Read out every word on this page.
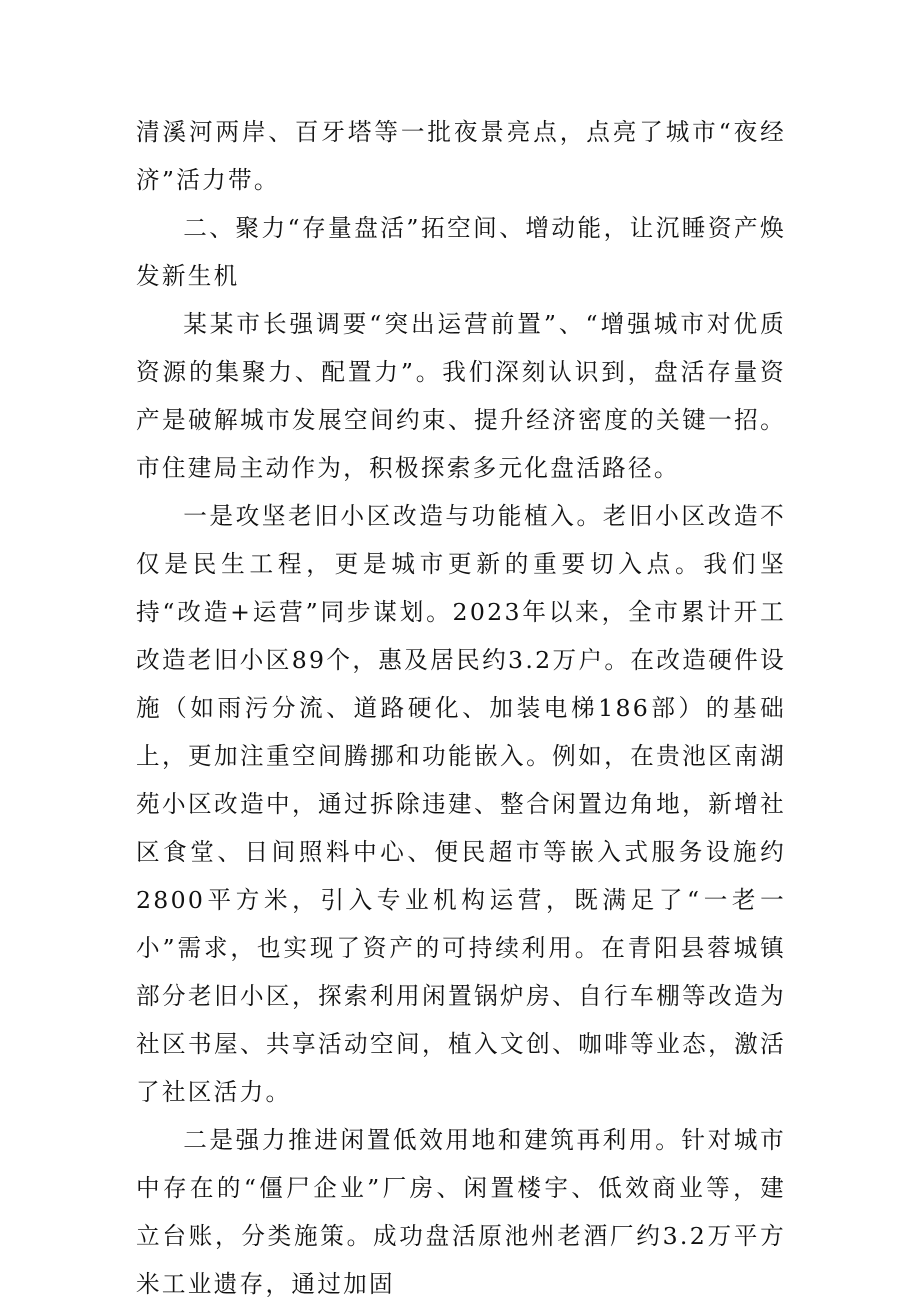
清溪河两岸、百牙塔等一批夜景亮点，点亮了城市“夜经济”活力带。

二、聚力“存量盘活”拓空间、增动能，让沉睡资产焕发新生机

某某市长强调要“突出运营前置”、“增强城市对优质资源的集聚力、配置力”。我们深刻认识到，盘活存量资产是破解城市发展空间约束、提升经济密度的关键一招。市住建局主动作为，积极探索多元化盘活路径。

一是攻坚老旧小区改造与功能植入。老旧小区改造不仅是民生工程，更是城市更新的重要切入点。我们坚持“改造+运营”同步谋划。2023年以来，全市累计开工改造老旧小区89个，惠及居民约3.2万户。在改造硬件设施（如雨污分流、道路硬化、加装电梯186部）的基础上，更加注重空间腾挪和功能嵌入。例如，在贵池区南湖苑小区改造中，通过拆除违建、整合闲置边角地，新增社区食堂、日间照料中心、便民超市等嵌入式服务设施约2800平方米，引入专业机构运营，既满足了“一老一小”需求，也实现了资产的可持续利用。在青阳县蓉城镇部分老旧小区，探索利用闲置锅炉房、自行车棚等改造为社区书屋、共享活动空间，植入文创、咖啡等业态，激活了社区活力。

二是强力推进闲置低效用地和建筑再利用。针对城市中存在的“僵尸企业”厂房、闲置楼宇、低效商业等，建立台账，分类施策。成功盘活原池州老酒厂约3.2万平方米工业遗存，通过加固
